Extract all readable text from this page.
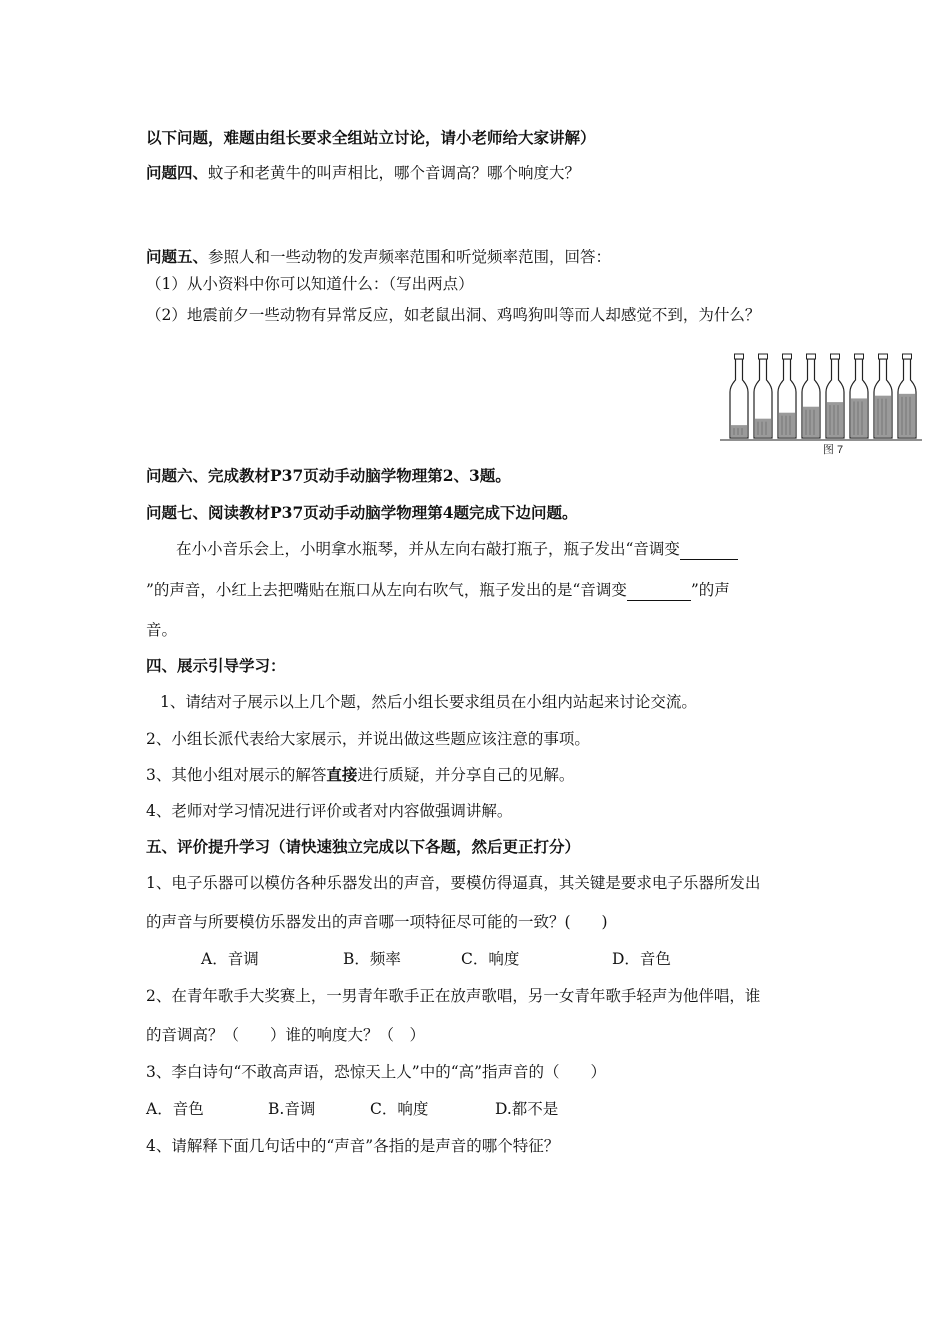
以下问题，难题由组长要求全组站立讨论，请小老师给大家讲解）
问题四、蚊子和老黄牛的叫声相比，哪个音调高？哪个响度大？
问题五、参照人和一些动物的发声频率范围和听觉频率范围，回答：
（1）从小资料中你可以知道什么：（写出两点）
（2）地震前夕一些动物有异常反应，如老鼠出洞、鸡鸣狗叫等而人却感觉不到，为什么？
图 7
问题六、完成教材P37页动手动脑学物理第2、3题。
问题七、阅读教材P37页动手动脑学物理第4题完成下边问题。
在小小音乐会上，小明拿水瓶琴，并从左向右敲打瓶子，瓶子发出“音调变
”的声音，小红上去把嘴贴在瓶口从左向右吹气，瓶子发出的是“音调变	”的声
音。
四、展示引导学习：
1、请结对子展示以上几个题，然后小组长要求组员在小组内站起来讨论交流。
2、小组长派代表给大家展示，并说出做这些题应该注意的事项。
3、其他小组对展示的解答直接进行质疑，并分享自己的见解。
4、老师对学习情况进行评价或者对内容做强调讲解。
五、评价提升学习（请快速独立完成以下各题，然后更正打分）
1、电子乐器可以模仿各种乐器发出的声音，要模仿得逼真，其关键是要求电子乐器所发出
的声音与所要模仿乐器发出的声音哪一项特征尽可能的一致？(　　)
A．音调	B．频率	C．响度	D．音色
2、在青年歌手大奖赛上，一男青年歌手正在放声歌唱，另一女青年歌手轻声为他伴唱，谁
的音调高？（　　）谁的响度大？（　）
3、李白诗句“不敢高声语，恐惊天上人”中的“高”指声音的（　　）
A．音色	B.音调	C．响度	D.都不是
4、请解释下面几句话中的“声音”各指的是声音的哪个特征？
